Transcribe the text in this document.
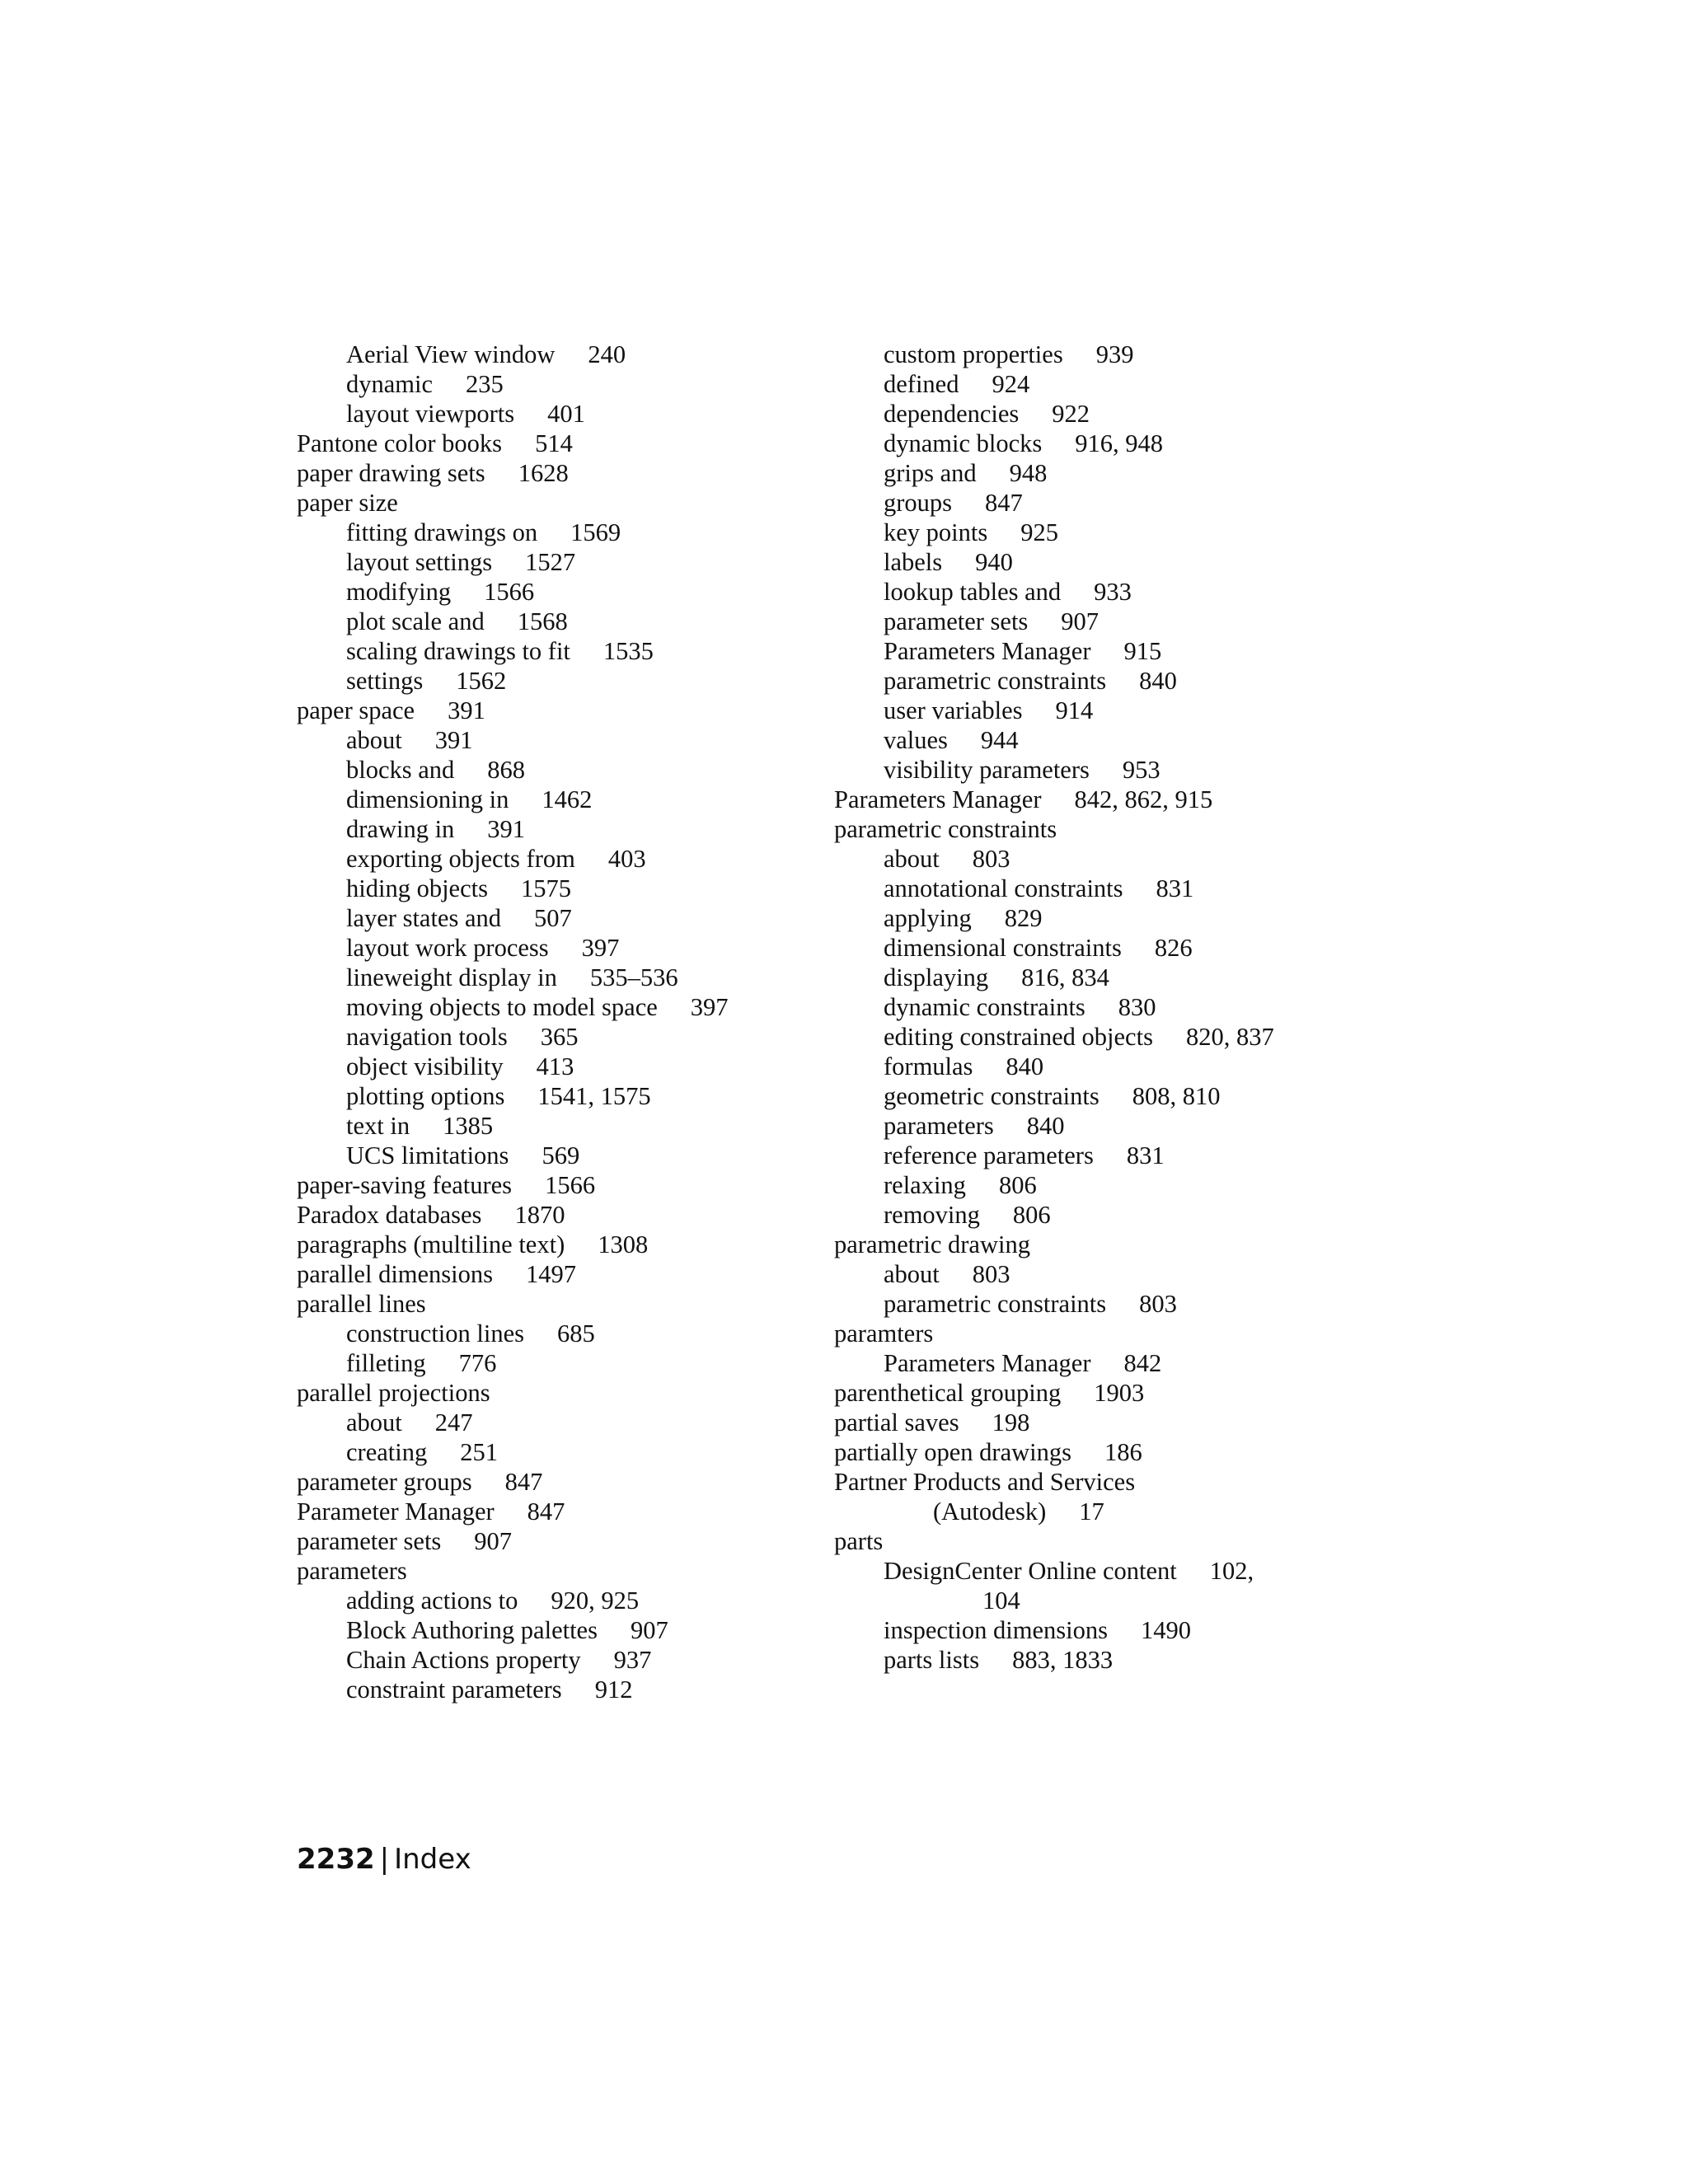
Aerial View window 240
dynamic 235
layout viewports 401
Pantone color books 514
paper drawing sets 1628
paper size
fitting drawings on 1569
layout settings 1527
modifying 1566
plot scale and 1568
scaling drawings to fit 1535
settings 1562
paper space 391
about 391
blocks and 868
dimensioning in 1462
drawing in 391
exporting objects from 403
hiding objects 1575
layer states and 507
layout work process 397
lineweight display in 535–536
moving objects to model space 397
navigation tools 365
object visibility 413
plotting options 1541, 1575
text in 1385
UCS limitations 569
paper-saving features 1566
Paradox databases 1870
paragraphs (multiline text) 1308
parallel dimensions 1497
parallel lines
construction lines 685
filleting 776
parallel projections
about 247
creating 251
parameter groups 847
Parameter Manager 847
parameter sets 907
parameters
adding actions to 920, 925
Block Authoring palettes 907
Chain Actions property 937
constraint parameters 912
custom properties 939
defined 924
dependencies 922
dynamic blocks 916, 948
grips and 948
groups 847
key points 925
labels 940
lookup tables and 933
parameter sets 907
Parameters Manager 915
parametric constraints 840
user variables 914
values 944
visibility parameters 953
Parameters Manager 842, 862, 915
parametric constraints
about 803
annotational constraints 831
applying 829
dimensional constraints 826
displaying 816, 834
dynamic constraints 830
editing constrained objects 820, 837
formulas 840
geometric constraints 808, 810
parameters 840
reference parameters 831
relaxing 806
removing 806
parametric drawing
about 803
parametric constraints 803
paramters
Parameters Manager 842
parenthetical grouping 1903
partial saves 198
partially open drawings 186
Partner Products and Services
(Autodesk) 17
parts
DesignCenter Online content 102,
104
inspection dimensions 1490
parts lists 883, 1833
2232 | Index
